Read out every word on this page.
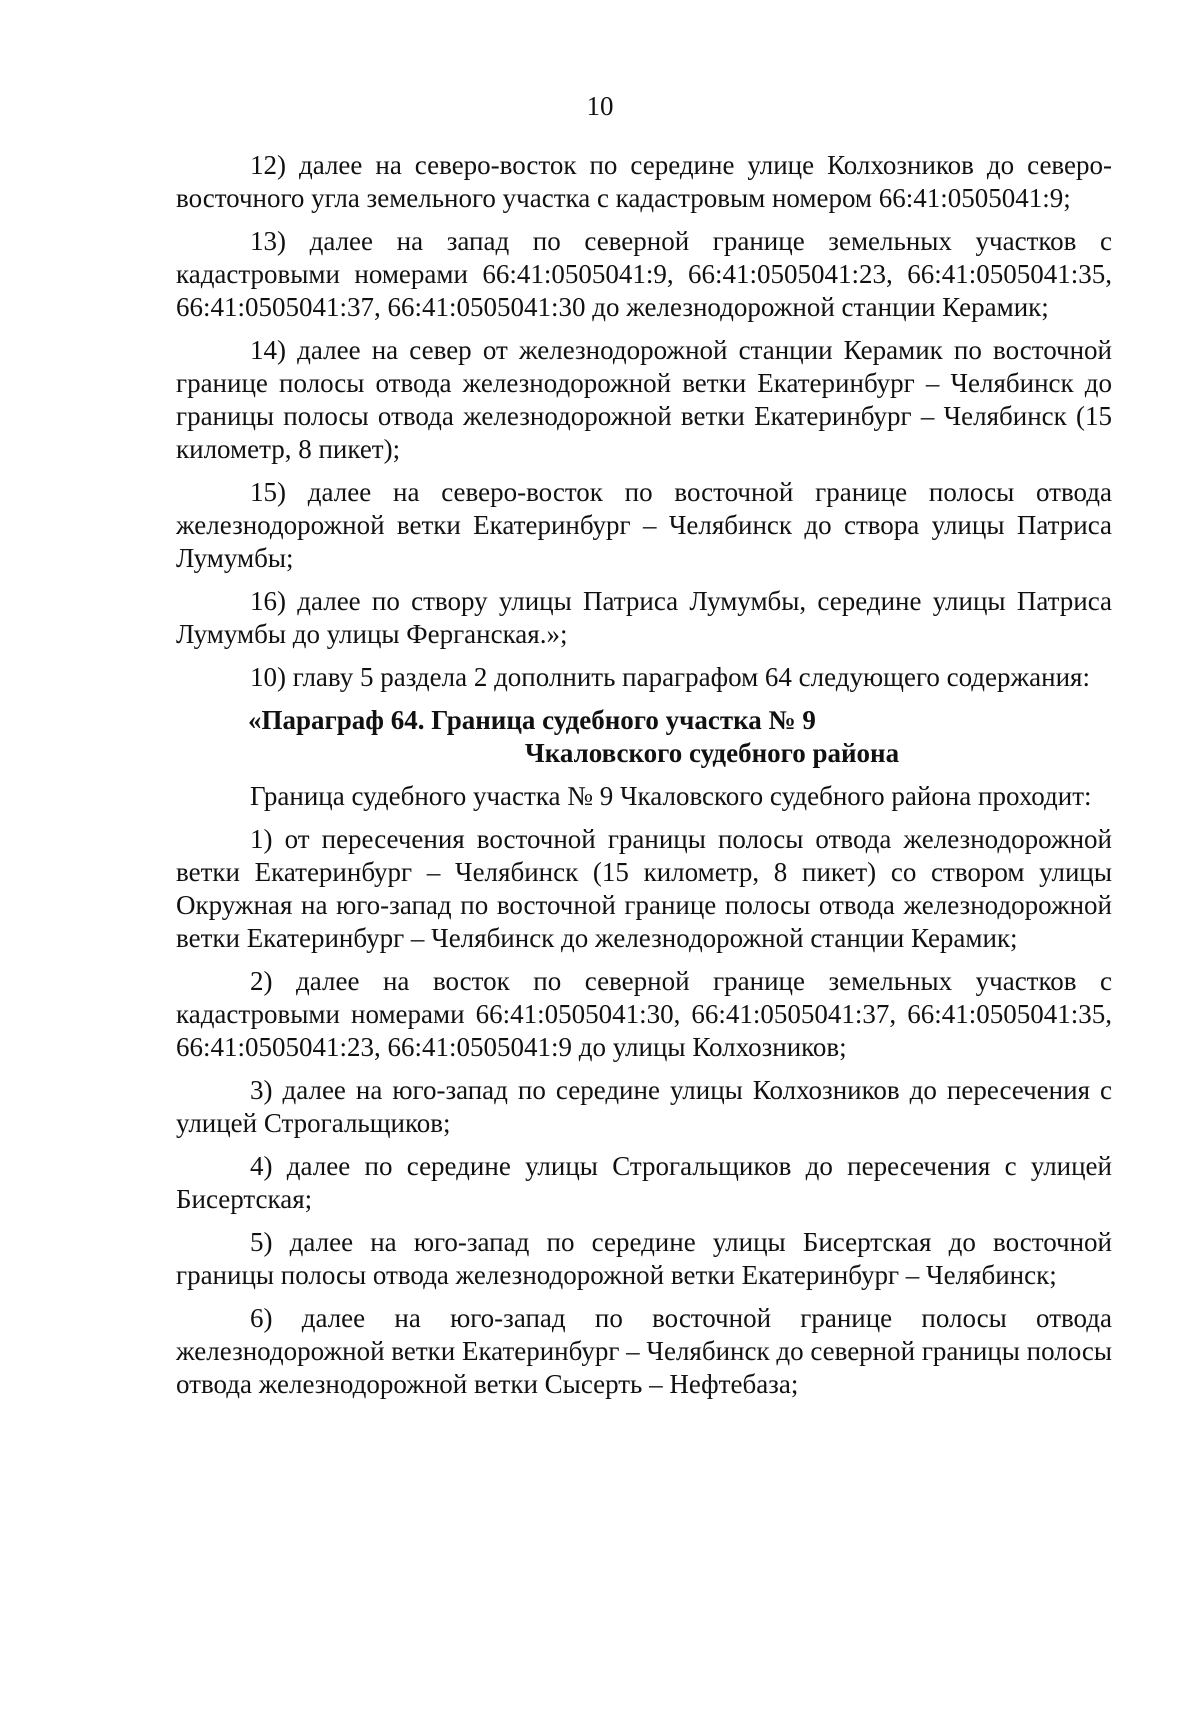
10

12) далее на северо-восток по середине улице Колхозников до северо-восточного угла земельного участка с кадастровым номером 66:41:0505041:9;

13) далее на запад по северной границе земельных участков с кадастровыми номерами 66:41:0505041:9, 66:41:0505041:23, 66:41:0505041:35, 66:41:0505041:37, 66:41:0505041:30 до железнодорожной станции Керамик;

14) далее на север от железнодорожной станции Керамик по восточной границе полосы отвода железнодорожной ветки Екатеринбург – Челябинск до границы полосы отвода железнодорожной ветки Екатеринбург – Челябинск (15 километр, 8 пикет);

15) далее на северо-восток по восточной границе полосы отвода железнодорожной ветки Екатеринбург – Челябинск до створа улицы Патриса Лумумбы;

16) далее по створу улицы Патриса Лумумбы, середине улицы Патриса Лумумбы до улицы Ферганская.»;

10) главу 5 раздела 2 дополнить параграфом 64 следующего содержания:

«Параграф 64. Граница судебного участка № 9
Чкаловского судебного района

Граница судебного участка № 9 Чкаловского судебного района проходит:

1) от пересечения восточной границы полосы отвода железнодорожной ветки Екатеринбург – Челябинск (15 километр, 8 пикет) со створом улицы Окружная на юго-запад по восточной границе полосы отвода железнодорожной ветки Екатеринбург – Челябинск до железнодорожной станции Керамик;

2) далее на восток по северной границе земельных участков с кадастровыми номерами 66:41:0505041:30, 66:41:0505041:37, 66:41:0505041:35, 66:41:0505041:23, 66:41:0505041:9 до улицы Колхозников;

3) далее на юго-запад по середине улицы Колхозников до пересечения с улицей Строгальщиков;

4) далее по середине улицы Строгальщиков до пересечения с улицей Бисертская;

5) далее на юго-запад по середине улицы Бисертская до восточной границы полосы отвода железнодорожной ветки Екатеринбург – Челябинск;

6) далее на юго-запад по восточной границе полосы отвода железнодорожной ветки Екатеринбург – Челябинск до северной границы полосы отвода железнодорожной ветки Сысерть – Нефтебаза;
